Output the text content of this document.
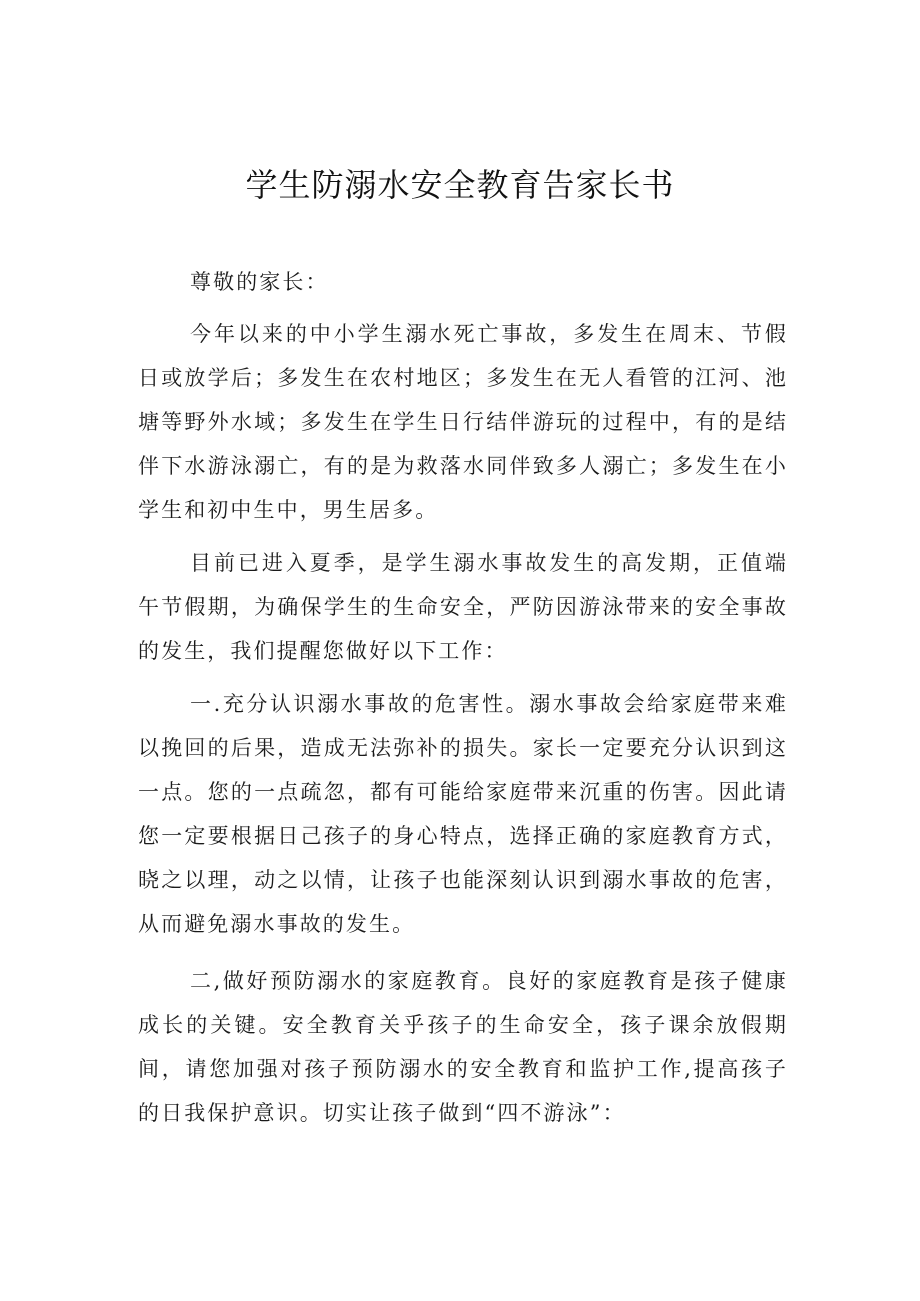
学生防溺水安全教育告家长书

尊敬的家长：

今年以来的中小学生溺水死亡事故，多发生在周末、节假日或放学后；多发生在农村地区；多发生在无人看管的江河、池塘等野外水域；多发生在学生日行结伴游玩的过程中，有的是结伴下水游泳溺亡，有的是为救落水同伴致多人溺亡；多发生在小学生和初中生中，男生居多。

目前已进入夏季，是学生溺水事故发生的高发期，正值端午节假期，为确保学生的生命安全，严防因游泳带来的安全事故的发生，我们提醒您做好以下工作：

一.充分认识溺水事故的危害性。溺水事故会给家庭带来难以挽回的后果，造成无法弥补的损失。家长一定要充分认识到这一点。您的一点疏忽，都有可能给家庭带来沉重的伤害。因此请您一定要根据日己孩子的身心特点，选择正确的家庭教育方式，晓之以理，动之以情，让孩子也能深刻认识到溺水事故的危害，从而避免溺水事故的发生。

二,做好预防溺水的家庭教育。良好的家庭教育是孩子健康成长的关键。安全教育关乎孩子的生命安全，孩子课余放假期间，请您加强对孩子预防溺水的安全教育和监护工作,提高孩子的日我保护意识。切实让孩子做到“四不游泳”：
